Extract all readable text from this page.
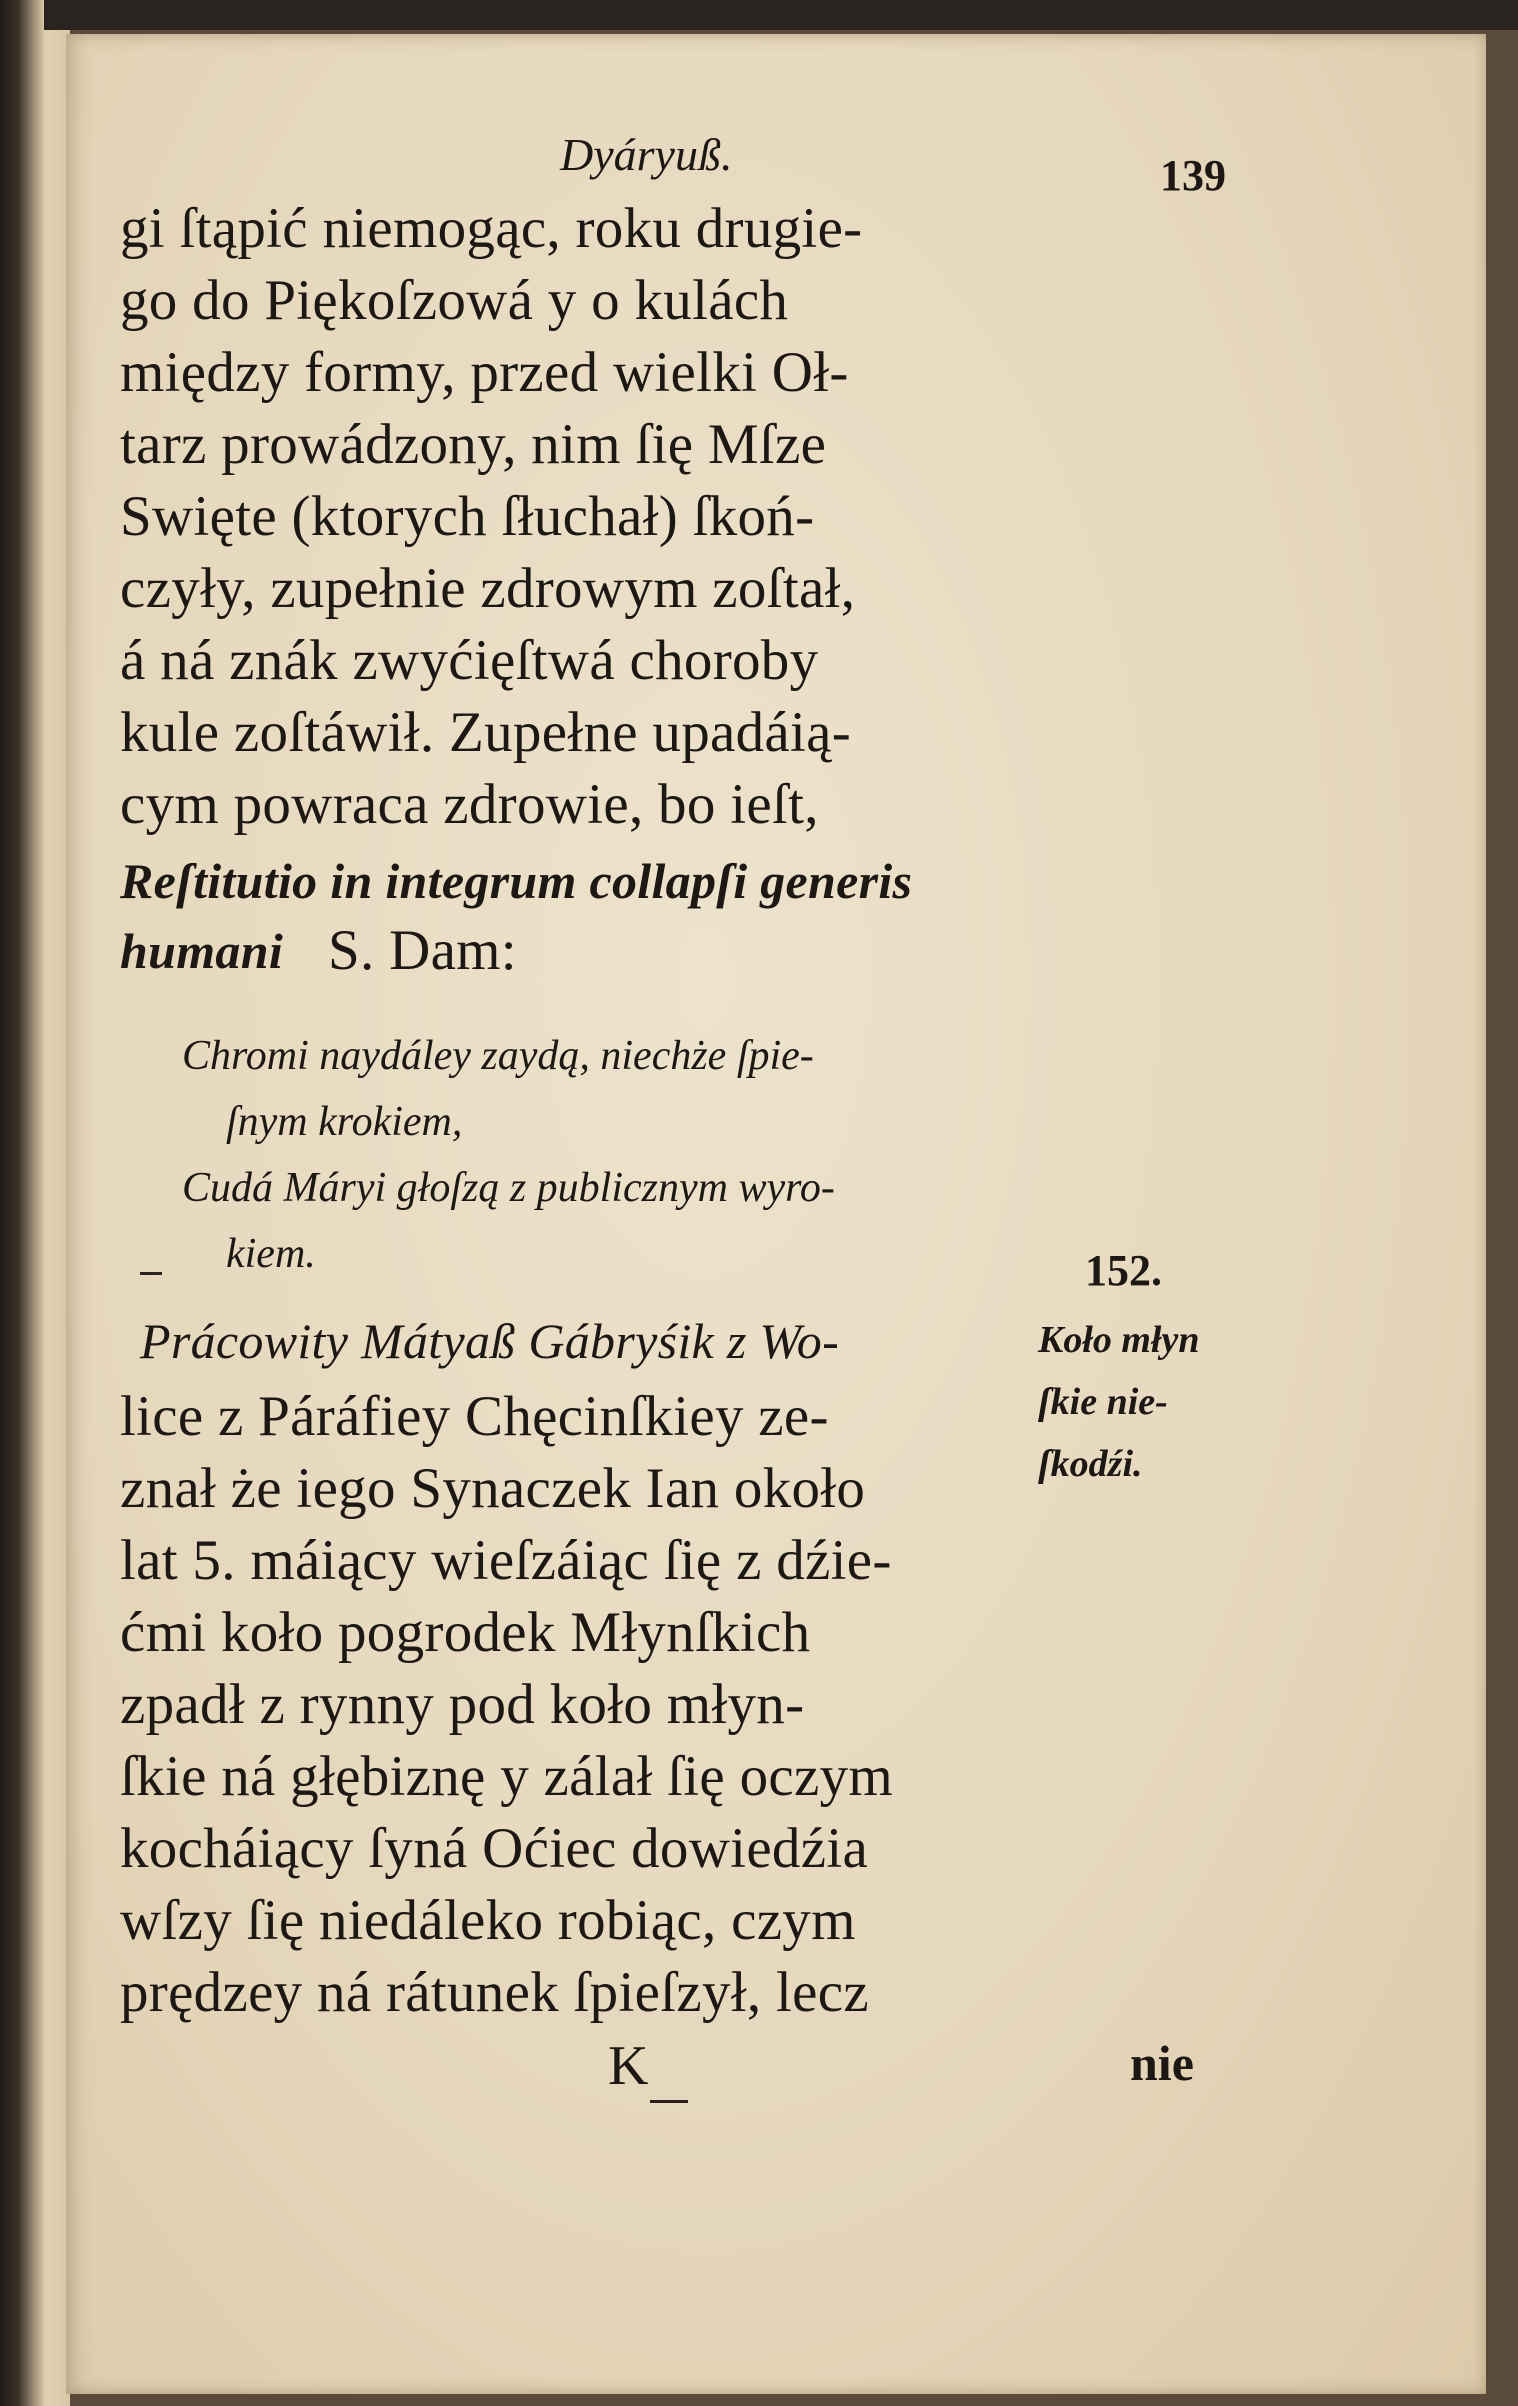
Dyáryuß.	139
gi ſtąpić niemogąc, roku drugie-
go do Piękoſzowá y o kulách
między formy, przed wielki Oł-
tarz prowádzony, nim ſię Mſze
Swięte (ktorych ſłuchał) ſkoń-
czyły, zupełnie zdrowym zoſtał,
á ná znák zwyćięſtwá choroby
kule zoſtáwił. Zupełne upadáią-
cym powraca zdrowie, bo ieſt,
Reſtitutio in integrum collapſi generis
humani S. Dam:
Chromi naydáley zaydą, niechże ſpie-
ſnym krokiem,
Cudá Máryi głoſzą z publicznym wyro-
kiem.	152.
Koło młyn
ſkie nie-
ſkodźi.
Prácowity Mátyaß Gábryśik z Wo-
lice z Páráfiey Chęcinſkiey ze-
znał że iego Synaczek Ian około
lat 5. máiący wieſzáiąc ſię z dźie-
ćmi koło pogrodek Młynſkich
zpadł z rynny pod koło młyn-
ſkie ná głębiznę y zálał ſię oczym
kocháiący ſyná Oćiec dowiedźia
wſzy ſię niedáleko robiąc, czym
prędzey ná rátunek ſpieſzył, lecz
K	nie
